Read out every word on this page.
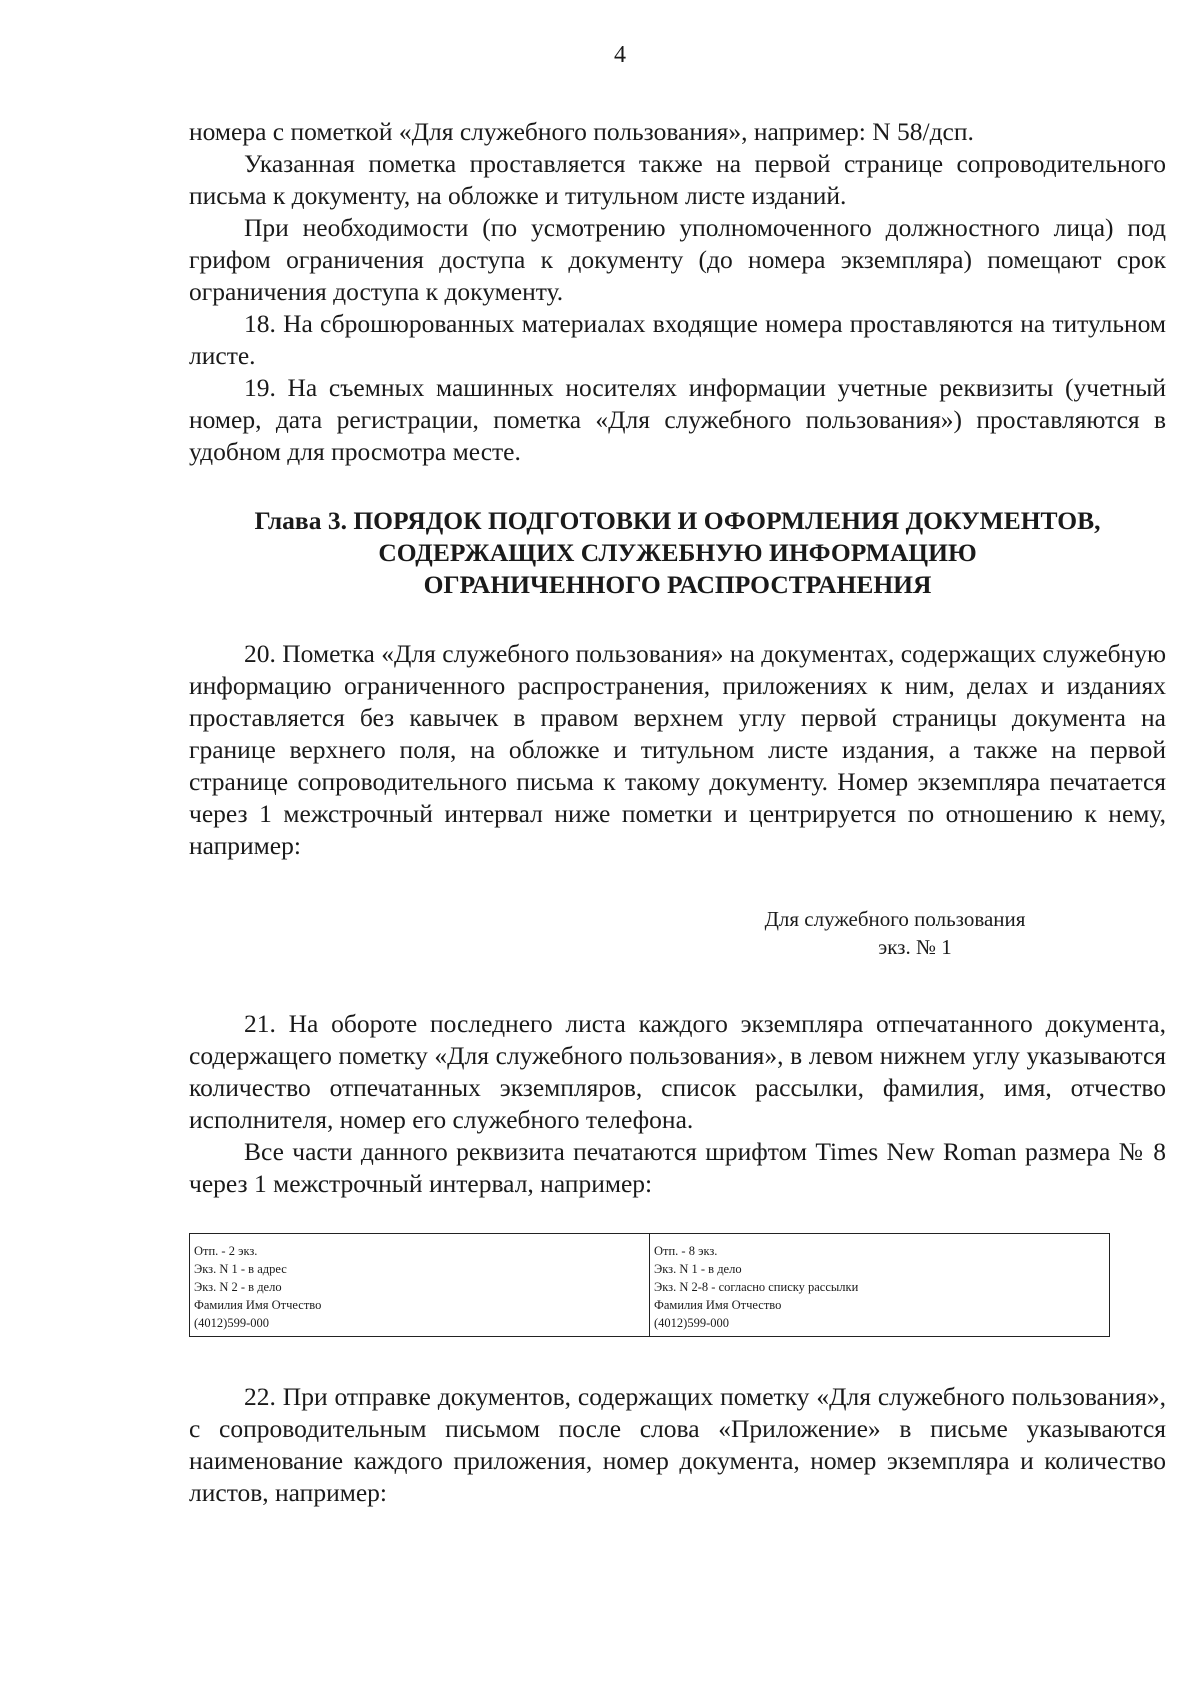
4

номера с пометкой «Для служебного пользования», например: N 58/дсп.

Указанная пометка проставляется также на первой странице сопроводительного письма к документу, на обложке и титульном листе изданий.

При необходимости (по усмотрению уполномоченного должностного лица) под грифом ограничения доступа к документу (до номера экземпляра) помещают срок ограничения доступа к документу.

18. На сброшюрованных материалах входящие номера проставляются на титульном листе.

19. На съемных машинных носителях информации учетные реквизиты (учетный номер, дата регистрации, пометка «Для служебного пользования») проставляются в удобном для просмотра месте.

Глава 3. ПОРЯДОК ПОДГОТОВКИ И ОФОРМЛЕНИЯ ДОКУМЕНТОВ,
СОДЕРЖАЩИХ СЛУЖЕБНУЮ ИНФОРМАЦИЮ
ОГРАНИЧЕННОГО РАСПРОСТРАНЕНИЯ

20. Пометка «Для служебного пользования» на документах, содержащих служебную информацию ограниченного распространения, приложениях к ним, делах и изданиях проставляется без кавычек в правом верхнем углу первой страницы документа на границе верхнего поля, на обложке и титульном листе издания, а также на первой странице сопроводительного письма к такому документу. Номер экземпляра печатается через 1 межстрочный интервал ниже пометки и центрируется по отношению к нему, например:

Для служебного пользования
экз. № 1

21. На обороте последнего листа каждого экземпляра отпечатанного документа, содержащего пометку «Для служебного пользования», в левом нижнем углу указываются количество отпечатанных экземпляров, список рассылки, фамилия, имя, отчество исполнителя, номер его служебного телефона.

Все части данного реквизита печатаются шрифтом Times New Roman размера № 8 через 1 межстрочный интервал, например:

Отп. - 2 экз.
Экз. N 1 - в адрес
Экз. N 2 - в дело
Фамилия Имя Отчество
(4012)599-000

Отп. - 8 экз.
Экз. N 1 - в дело
Экз. N 2-8 - согласно списку рассылки
Фамилия Имя Отчество
(4012)599-000

22. При отправке документов, содержащих пометку «Для служебного пользования», с сопроводительным письмом после слова «Приложение» в письме указываются наименование каждого приложения, номер документа, номер экземпляра и количество листов, например:
